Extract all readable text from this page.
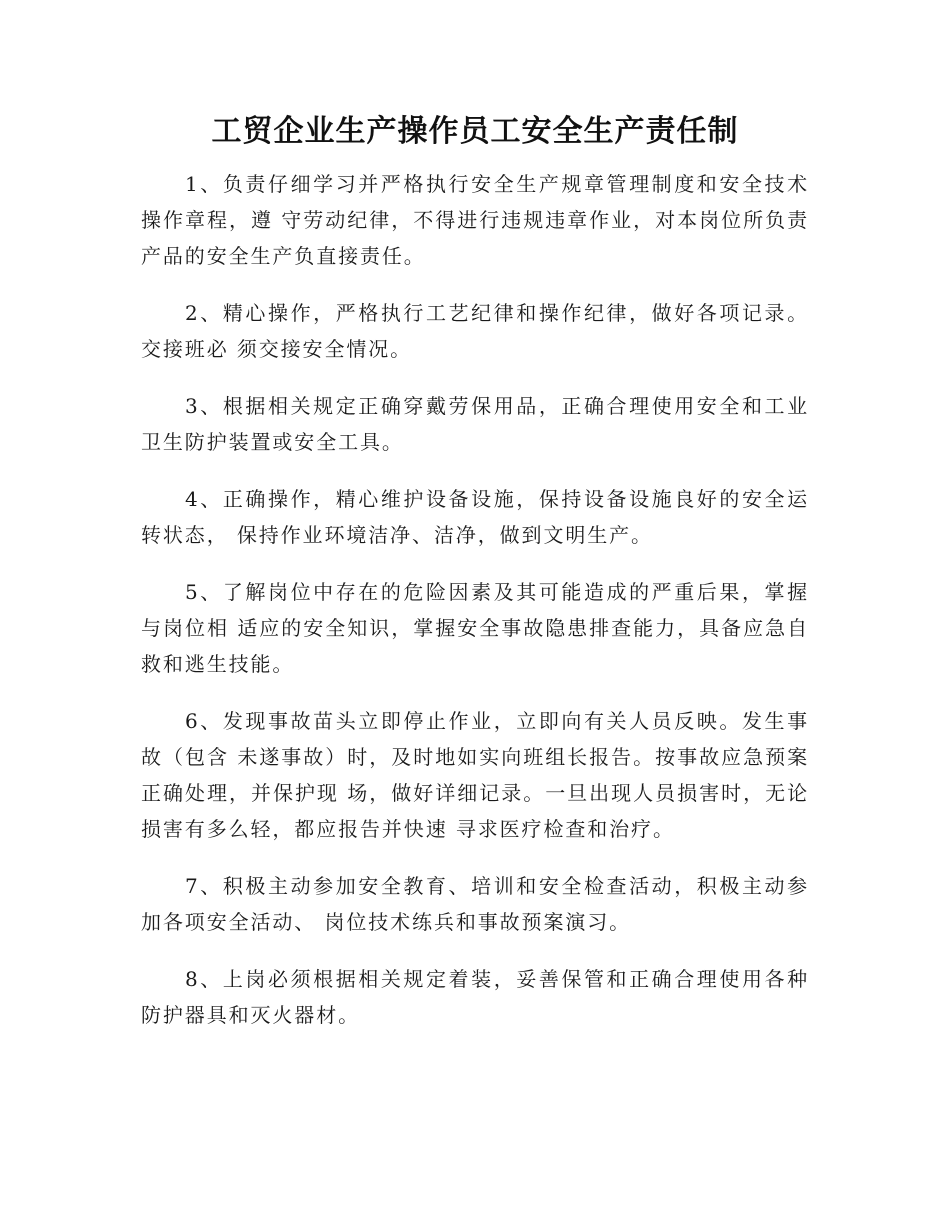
工贸企业生产操作员工安全生产责任制

1、负责仔细学习并严格执行安全生产规章管理制度和安全技术操作章程，遵 守劳动纪律，不得进行违规违章作业，对本岗位所负责产品的安全生产负直接责任。

2、精心操作，严格执行工艺纪律和操作纪律，做好各项记录。交接班必 须交接安全情况。

3、根据相关规定正确穿戴劳保用品，正确合理使用安全和工业卫生防护装置或安全工具。

4、正确操作，精心维护设备设施，保持设备设施良好的安全运转状态， 保持作业环境洁净、洁净，做到文明生产。

5、了解岗位中存在的危险因素及其可能造成的严重后果，掌握与岗位相 适应的安全知识，掌握安全事故隐患排查能力，具备应急自救和逃生技能。

6、发现事故苗头立即停止作业，立即向有关人员反映。发生事故（包含 未遂事故）时，及时地如实向班组长报告。按事故应急预案正确处理，并保护现 场，做好详细记录。一旦出现人员损害时，无论损害有多么轻，都应报告并快速 寻求医疗检查和治疗。

7、积极主动参加安全教育、培训和安全检查活动，积极主动参加各项安全活动、 岗位技术练兵和事故预案演习。

8、上岗必须根据相关规定着装，妥善保管和正确合理使用各种防护器具和灭火器材。
